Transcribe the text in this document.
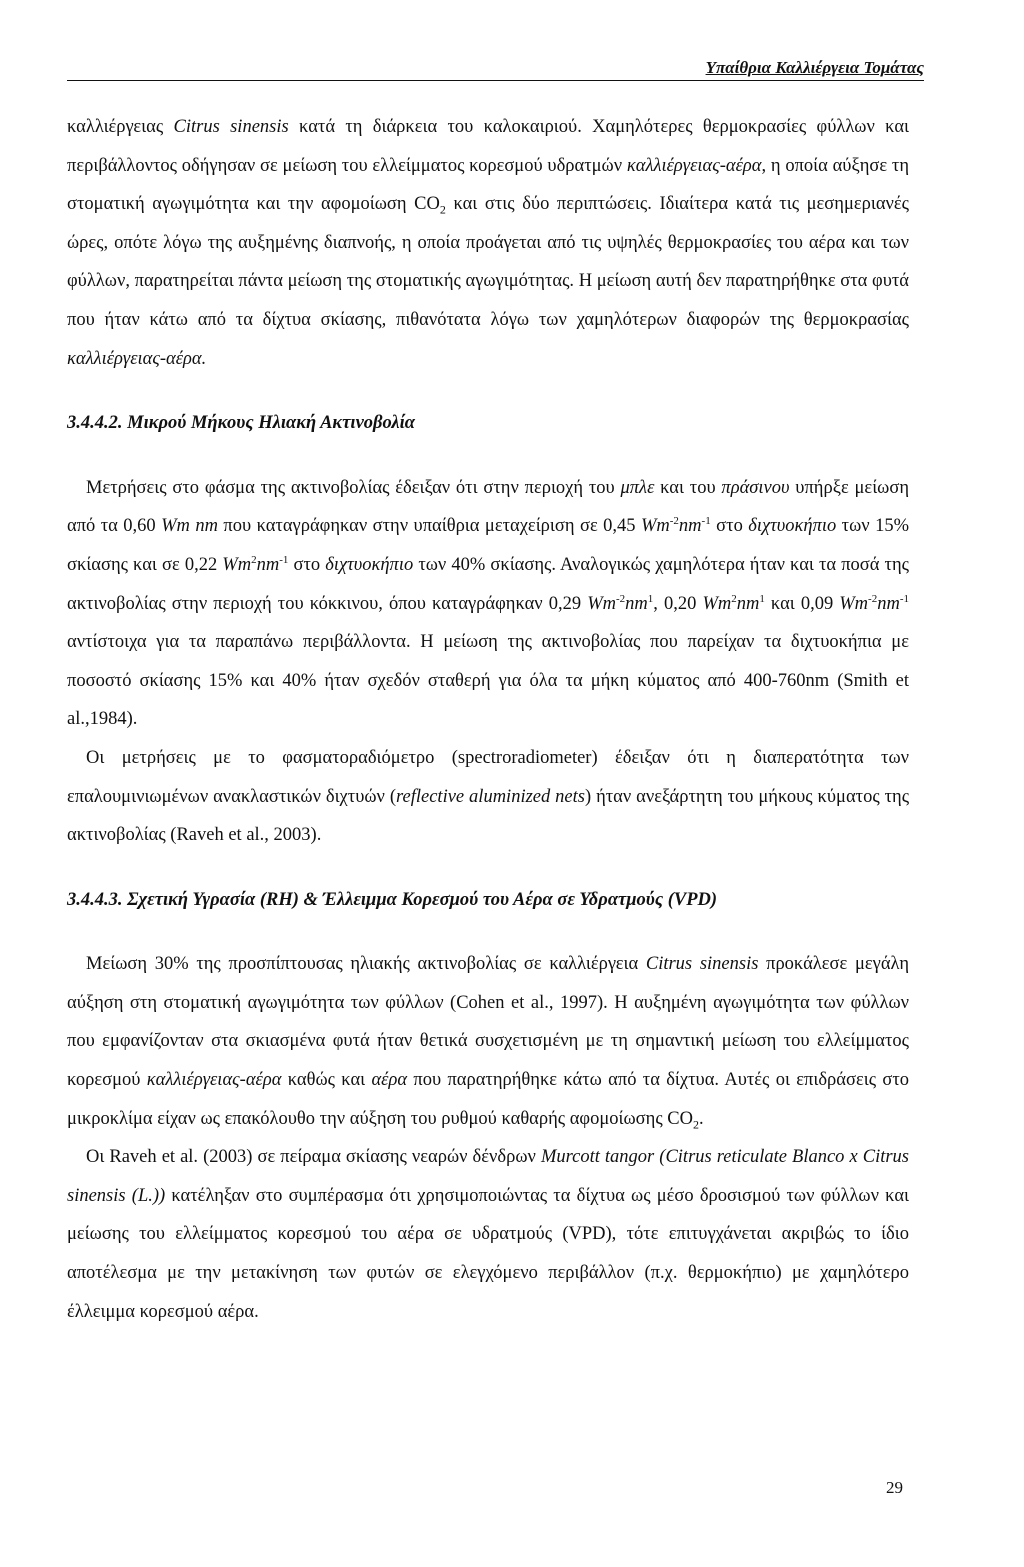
Υπαίθρια Καλλιέργεια Τομάτας

καλλιέργειας Citrus sinensis κατά τη διάρκεια του καλοκαιριού. Χαμηλότερες θερμοκρασίες φύλλων και περιβάλλοντος οδήγησαν σε μείωση του ελλείμματος κορεσμού υδρατμών καλλιέργειας-αέρα, η οποία αύξησε τη στοματική αγωγιμότητα και την αφομοίωση $CO_2$ και στις δύο περιπτώσεις. Ιδιαίτερα κατά τις μεσημεριανές ώρες, οπότε λόγω της αυξημένης διαπνοής, η οποία προάγεται από τις υψηλές θερμοκρασίες του αέρα και των φύλλων, παρατηρείται πάντα μείωση της στοματικής αγωγιμότητας. Η μείωση αυτή δεν παρατηρήθηκε στα φυτά που ήταν κάτω από τα δίχτυα σκίασης, πιθανότατα λόγω των χαμηλότερων διαφορών της θερμοκρασίας καλλιέργειας-αέρα.

3.4.4.2. Μικρού Μήκους Ηλιακή Ακτινοβολία

Μετρήσεις στο φάσμα της ακτινοβολίας έδειξαν ότι στην περιοχή του μπλε και του πράσινου υπήρξε μείωση από τα 0,60 Wm nm που καταγράφηκαν στην υπαίθρια μεταχείριση σε 0,45 $Wm^{-2}nm^{-1}$ στο διχτυοκήπιο των 15% σκίασης και σε 0,22 $Wm^2nm^{-1}$ στο διχτυοκήπιο των 40% σκίασης. Αναλογικώς χαμηλότερα ήταν και τα ποσά της ακτινοβολίας στην περιοχή του κόκκινου, όπου καταγράφηκαν 0,29 $Wm^{-2}nm^1$, 0,20 $Wm^2nm^1$ και 0,09 $Wm^{-2}nm^{-1}$ αντίστοιχα για τα παραπάνω περιβάλλοντα. Η μείωση της ακτινοβολίας που παρείχαν τα διχτυοκήπια με ποσοστό σκίασης 15% και 40% ήταν σχεδόν σταθερή για όλα τα μήκη κύματος από 400-760nm (Smith et al.,1984).

Οι μετρήσεις με το φασματοραδιόμετρο (spectroradiometer) έδειξαν ότι η διαπερατότητα των επαλουμινιωμένων ανακλαστικών διχτυών (reflective aluminized nets) ήταν ανεξάρτητη του μήκους κύματος της ακτινοβολίας (Raveh et al., 2003).

3.4.4.3. Σχετική Υγρασία (RH) & Έλλειμμα Κορεσμού του Αέρα σε Υδρατμούς (VPD)

Μείωση 30% της προσπίπτουσας ηλιακής ακτινοβολίας σε καλλιέργεια Citrus sinensis προκάλεσε μεγάλη αύξηση στη στοματική αγωγιμότητα των φύλλων (Cohen et al., 1997). Η αυξημένη αγωγιμότητα των φύλλων που εμφανίζονταν στα σκιασμένα φυτά ήταν θετικά συσχετισμένη με τη σημαντική μείωση του ελλείμματος κορεσμού καλλιέργειας-αέρα καθώς και αέρα που παρατηρήθηκε κάτω από τα δίχτυα. Αυτές οι επιδράσεις στο μικροκλίμα είχαν ως επακόλουθο την αύξηση του ρυθμού καθαρής αφομοίωσης $CO_2$.

Οι Raveh et al. (2003) σε πείραμα σκίασης νεαρών δένδρων Murcott tangor (Citrus reticulate Blanco x Citrus sinensis (L.)) κατέληξαν στο συμπέρασμα ότι χρησιμοποιώντας τα δίχτυα ως μέσο δροσισμού των φύλλων και μείωσης του ελλείμματος κορεσμού του αέρα σε υδρατμούς (VPD), τότε επιτυγχάνεται ακριβώς το ίδιο αποτέλεσμα με την μετακίνηση των φυτών σε ελεγχόμενο περιβάλλον (π.χ. θερμοκήπιο) με χαμηλότερο έλλειμμα κορεσμού αέρα.

29
